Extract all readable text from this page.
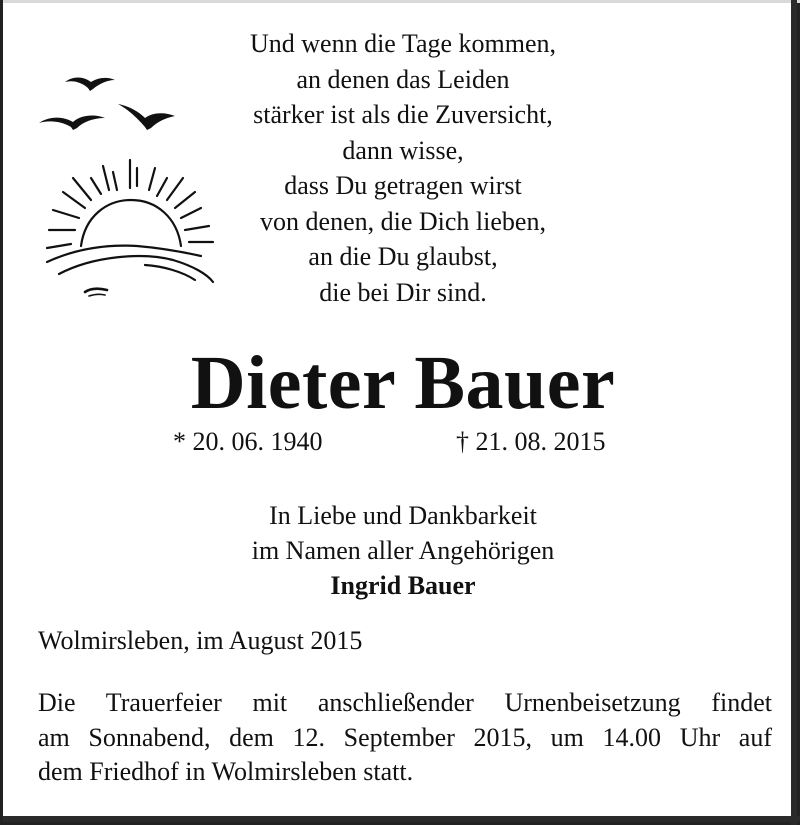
Und wenn die Tage kommen,
an denen das Leiden
stärker ist als die Zuversicht,
dann wisse,
dass Du getragen wirst
von denen, die Dich lieben,
an die Du glaubst,
die bei Dir sind.
Dieter Bauer
* 20. 06. 1940	† 21. 08. 2015
In Liebe und Dankbarkeit
im Namen aller Angehörigen
Ingrid Bauer
Wolmirsleben, im August 2015
Die Trauerfeier mit anschließender Urnenbeisetzung findet
am Sonnabend, dem 12. September 2015, um 14.00 Uhr auf
dem Friedhof in Wolmirsleben statt.
